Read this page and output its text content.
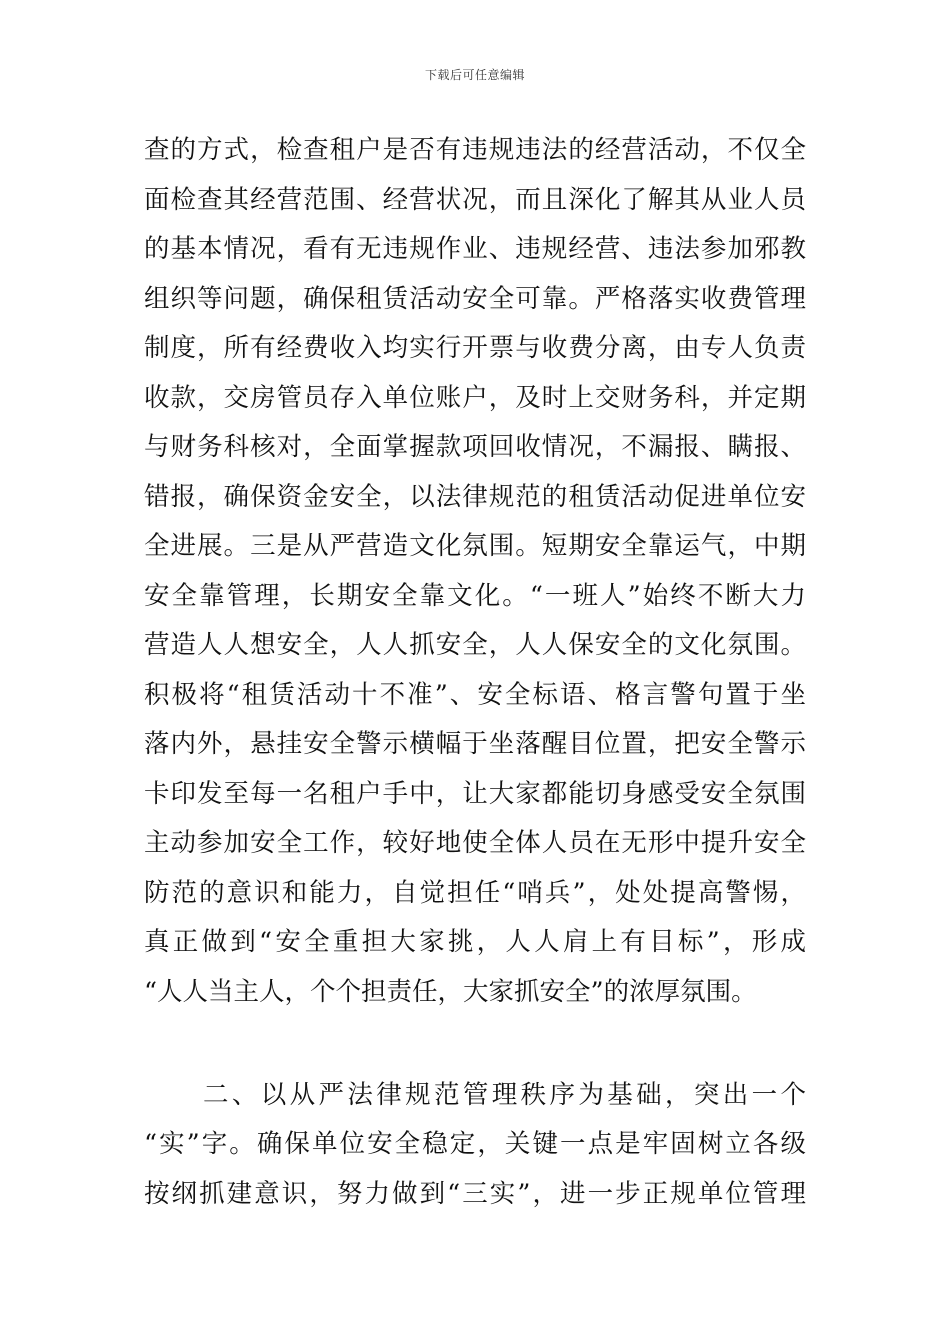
下载后可任意编辑
查的方式，检查租户是否有违规违法的经营活动，不仅全
面检查其经营范围、经营状况，而且深化了解其从业人员
的基本情况，看有无违规作业、违规经营、违法参加邪教
组织等问题，确保租赁活动安全可靠。严格落实收费管理
制度，所有经费收入均实行开票与收费分离，由专人负责
收款，交房管员存入单位账户，及时上交财务科，并定期
与财务科核对，全面掌握款项回收情况，不漏报、瞒报、
错报，确保资金安全，以法律规范的租赁活动促进单位安
全进展。三是从严营造文化氛围。短期安全靠运气，中期
安全靠管理，长期安全靠文化。“一班人”始终不断大力
营造人人想安全，人人抓安全，人人保安全的文化氛围。
积极将“租赁活动十不准”、安全标语、格言警句置于坐
落内外，悬挂安全警示横幅于坐落醒目位置，把安全警示
卡印发至每一名租户手中，让大家都能切身感受安全氛围
主动参加安全工作，较好地使全体人员在无形中提升安全
防范的意识和能力，自觉担任“哨兵”，处处提高警惕，
真正做到“安全重担大家挑，人人肩上有目标”，形成
“人人当主人，个个担责任，大家抓安全”的浓厚氛围。
二、以从严法律规范管理秩序为基础，突出一个
“实”字。确保单位安全稳定，关键一点是牢固树立各级
按纲抓建意识，努力做到“三实”，进一步正规单位管理
